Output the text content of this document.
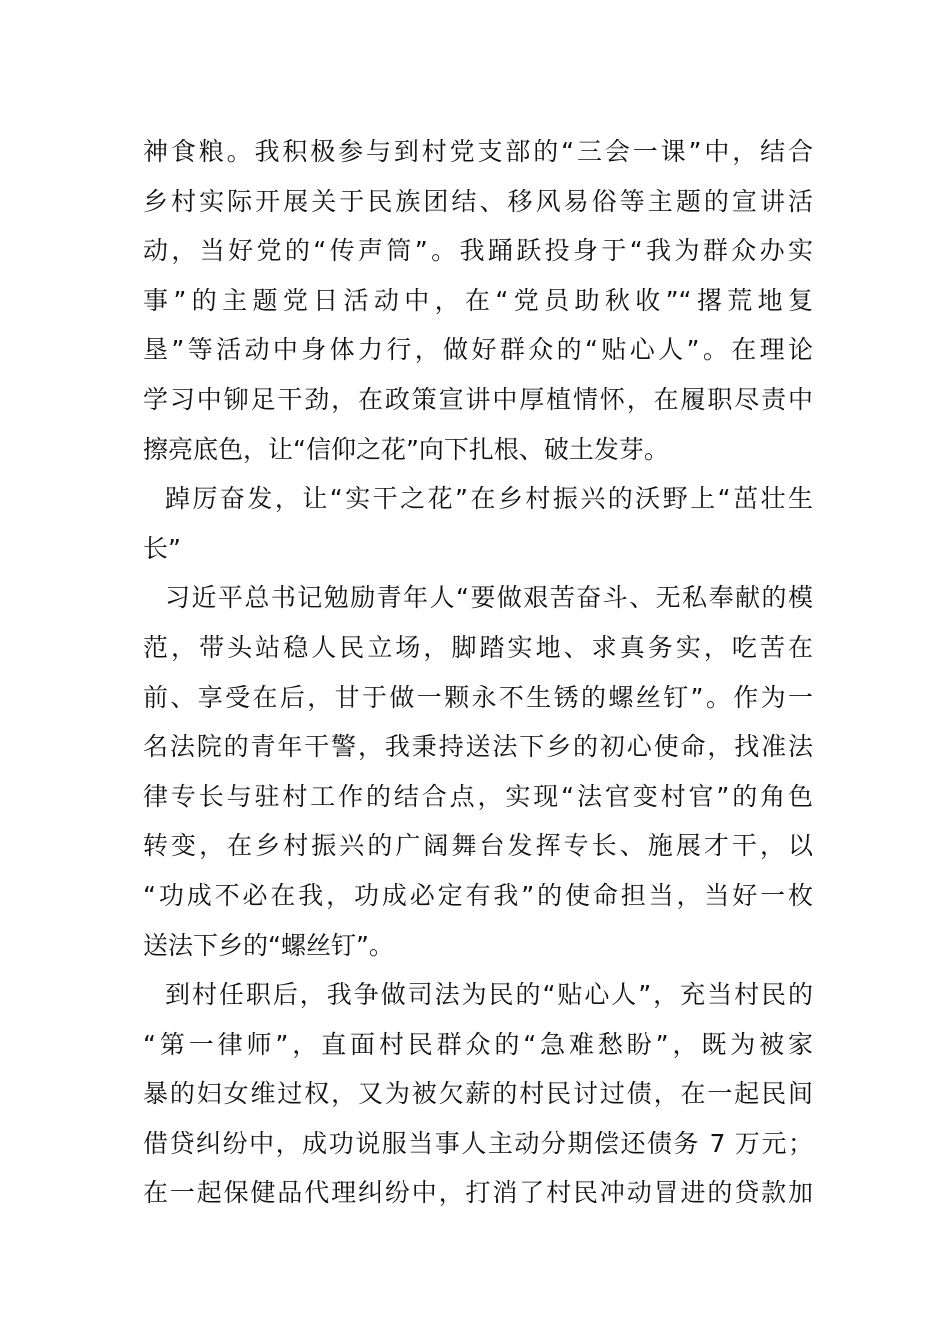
神食粮。我积极参与到村党支部的“三会一课”中，结合
乡村实际开展关于民族团结、移风易俗等主题的宣讲活
动，当好党的“传声筒”。我踊跃投身于“我为群众办实
事”的主题党日活动中，在“党员助秋收”“撂荒地复
垦”等活动中身体力行，做好群众的“贴心人”。在理论
学习中铆足干劲，在政策宣讲中厚植情怀，在履职尽责中
擦亮底色，让“信仰之花”向下扎根、破土发芽。
踔厉奋发，让“实干之花”在乡村振兴的沃野上“茁壮生
长”
习近平总书记勉励青年人“要做艰苦奋斗、无私奉献的模
范，带头站稳人民立场，脚踏实地、求真务实，吃苦在
前、享受在后，甘于做一颗永不生锈的螺丝钉”。作为一
名法院的青年干警，我秉持送法下乡的初心使命，找准法
律专长与驻村工作的结合点，实现“法官变村官”的角色
转变，在乡村振兴的广阔舞台发挥专长、施展才干，以
“功成不必在我，功成必定有我”的使命担当，当好一枚
送法下乡的“螺丝钉”。
到村任职后，我争做司法为民的“贴心人”，充当村民的
“第一律师”，直面村民群众的“急难愁盼”，既为被家
暴的妇女维过权，又为被欠薪的村民讨过债，在一起民间
借贷纠纷中，成功说服当事人主动分期偿还债务 7 万元；
在一起保健品代理纠纷中，打消了村民冲动冒进的贷款加
